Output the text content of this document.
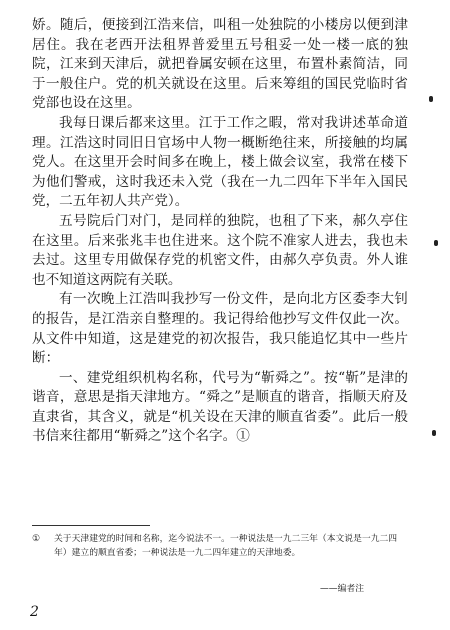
娇。随后，便接到江浩来信，叫租一处独院的小楼房以便到津居住。我在老西开法租界普爱里五号租妥一处一楼一底的独院，江来到天津后，就把眷属安顿在这里，布置朴素简洁，同于一般住户。党的机关就设在这里。后来筹组的国民党临时省党部也设在这里。

我每日课后都来这里。江于工作之暇，常对我讲述革命道理。江浩这时同旧日官场中人物一概断绝往来，所接触的均属党人。在这里开会时间多在晚上，楼上做会议室，我常在楼下为他们警戒，这时我还未入党（我在一九二四年下半年入国民党，二五年初人共产党）。

五号院后门对门，是同样的独院，也租了下来，郝久亭住在这里。后来张兆丰也住进来。这个院不准家人进去，我也未去过。这里专用做保存党的机密文件，由郝久亭负责。外人谁也不知道这两院有关联。

有一次晚上江浩叫我抄写一份文件，是向北方区委李大钊的报告，是江浩亲自整理的。我记得给他抄写文件仅此一次。从文件中知道，这是建党的初次报告，我只能追忆其中一些片断：

一、建党组织机构名称，代号为“靳舜之”。按“靳”是津的谐音，意思是指天津地方。“舜之”是顺直的谐音，指顺天府及直隶省，其含义，就是“机关设在天津的顺直省委”。此后一般书信来往都用“靳舜之”这个名字。①

① 关于天津建党的时间和名称，迄今说法不一。一种说法是一九二三年（本文说是一九二四年）建立的顺直省委；一种说法是一九二四年建立的天津地委。
——编者注
2
